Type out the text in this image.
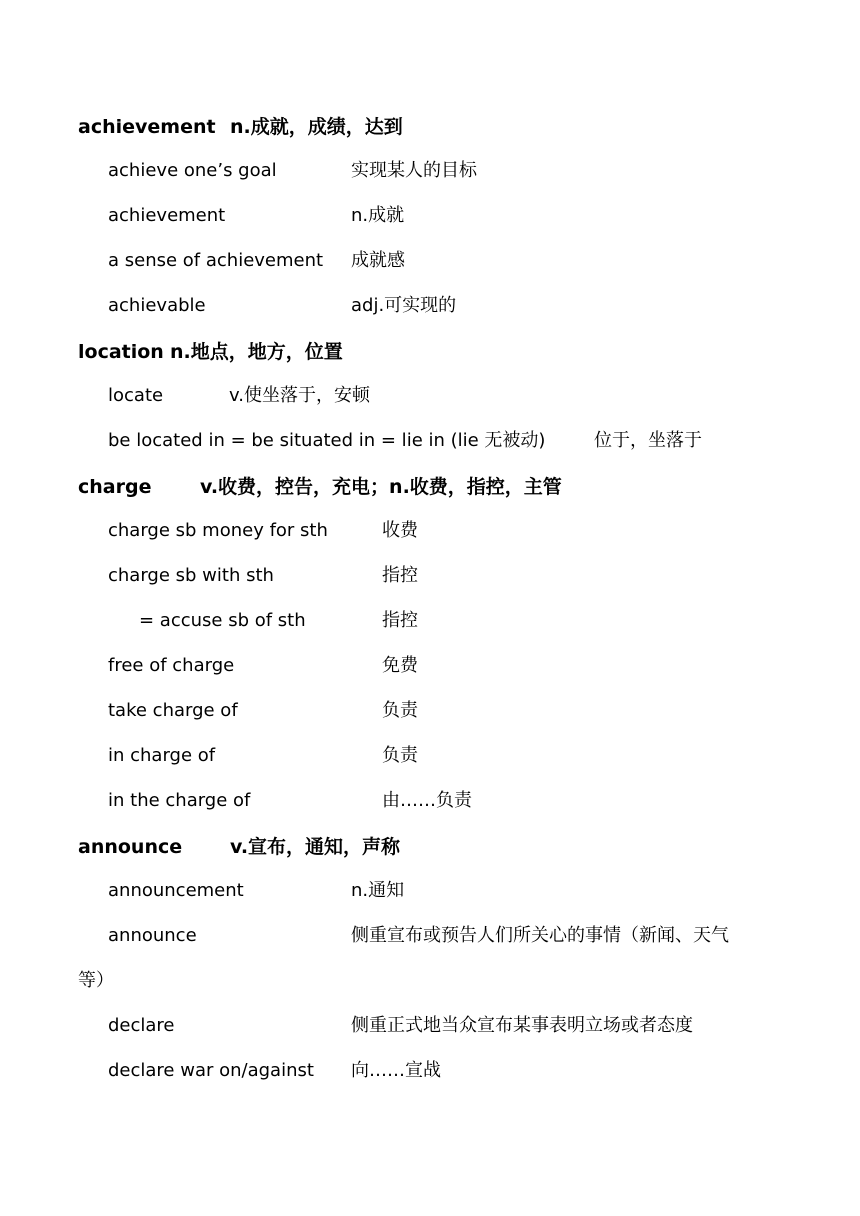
achievement n.成就，成绩，达到
achieve one’s goal	实现某人的目标
achievement	n.成就
a sense of achievement 成就感
achievable	adj.可实现的
location n.地点，地方，位置
locate	v.使坐落于，安顿
be located in = be situated in = lie in (lie 无被动)	位于，坐落于
charge	v.收费，控告，充电；n.收费，指控，主管
charge sb money for sth	收费
charge sb with sth	指控
= accuse sb of sth	指控
free of charge	免费
take charge of	负责
in charge of	负责
in the charge of	由……负责
announce	v.宣布，通知，声称
announcement	n.通知
announce	侧重宣布或预告人们所关心的事情（新闻、天气
等）
declare	侧重正式地当众宣布某事表明立场或者态度
declare war on/against 向……宣战
